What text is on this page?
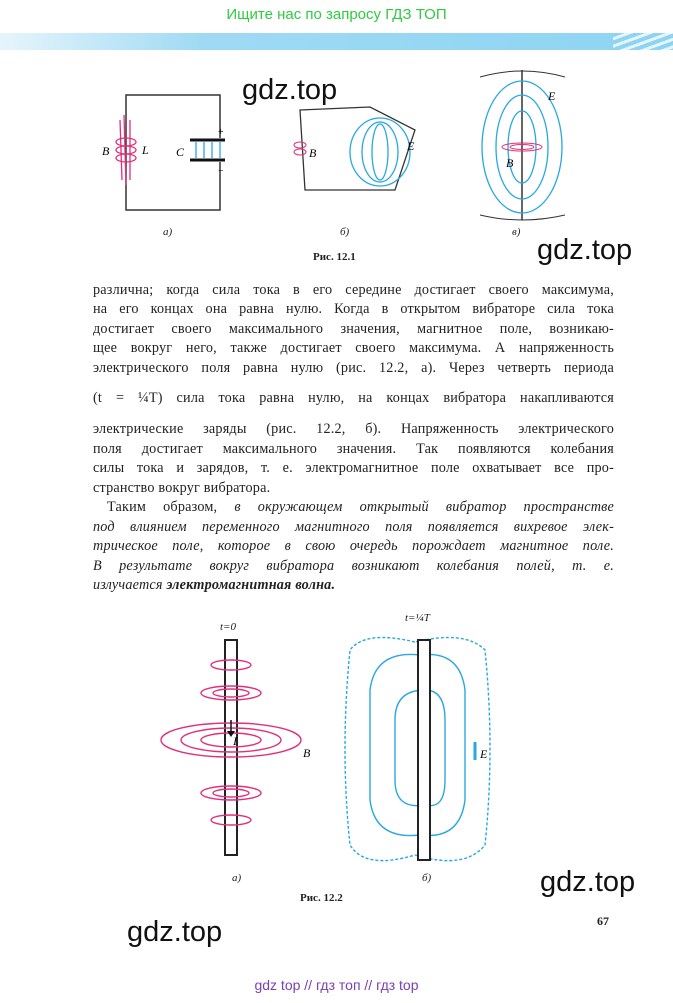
Ищите нас по запросу ГДЗ ТОП
B	L C
+
−
B	E
E
B
а)	б)	в)
Рис. 12.1
gdz.top
gdz.top
различна; когда сила тока в его середине достигает своего максимума,
на его концах она равна нулю. Когда в открытом вибраторе сила тока
достигает своего максимального значения, магнитное поле, возникаю-
щее вокруг него, также достигает своего максимума. А напряженность
электрического поля равна нулю (рис. 12.2, а). Через четверть периода
(t = ¼T) сила тока равна нулю, на концах вибратора накапливаются
электрические заряды (рис. 12.2, б). Напряженность электрического
поля достигает максимального значения. Так появляются колебания
силы тока и зарядов, т. е. электромагнитное поле охватывает все про-
странство вокруг вибратора.
Таким образом, в окружающем открытый вибратор пространстве
под влиянием переменного магнитного поля появляется вихревое элек-
трическое поле, которое в свою очередь порождает магнитное поле.
В результате вокруг вибратора возникают колебания полей, т. е.
излучается электромагнитная волна.
t=0
I
B
t=¼T
E
а)	б)
Рис. 12.2	gdz.top
gdz.top	67
gdz top // гдз топ // гдз top
